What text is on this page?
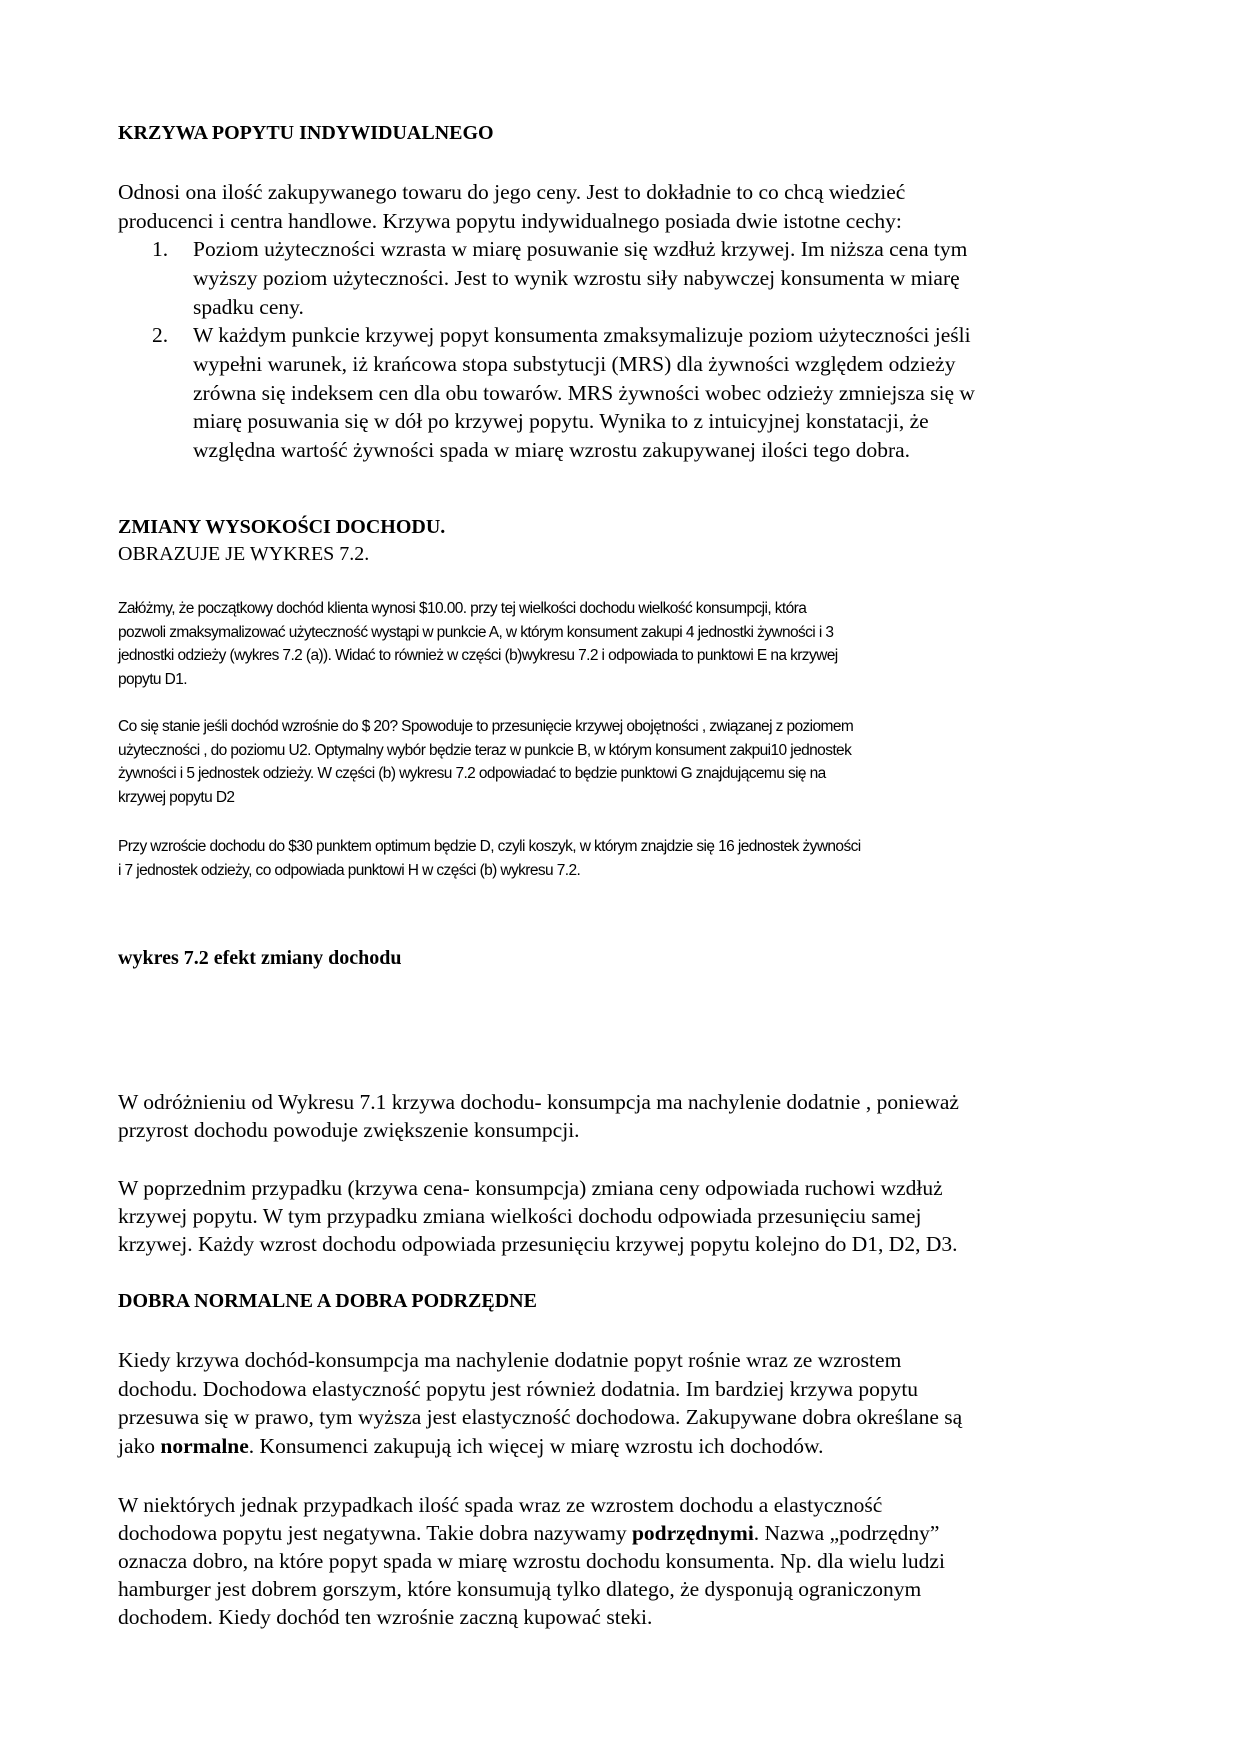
KRZYWA POPYTU INDYWIDUALNEGO
Odnosi ona ilość zakupywanego towaru do jego ceny. Jest to dokładnie to co chcą wiedzieć
producenci i centra handlowe. Krzywa popytu indywidualnego posiada dwie istotne cechy:
1. Poziom użyteczności wzrasta w miarę posuwanie się wzdłuż krzywej. Im niższa cena tym
wyższy poziom użyteczności. Jest to wynik wzrostu siły nabywczej konsumenta w miarę
spadku ceny.
2. W każdym punkcie krzywej popyt konsumenta zmaksymalizuje poziom użyteczności jeśli
wypełni warunek, iż krańcowa stopa substytucji (MRS) dla żywności względem odzieży
zrówna się indeksem cen dla obu towarów. MRS żywności wobec odzieży zmniejsza się w
miarę posuwania się w dół po krzywej popytu. Wynika to z intuicyjnej konstatacji, że
względna wartość żywności spada w miarę wzrostu zakupywanej ilości tego dobra.
ZMIANY WYSOKOŚCI DOCHODU.
OBRAZUJE JE WYKRES 7.2.
Załóżmy, że początkowy dochód klienta wynosi $10.00. przy tej wielkości dochodu wielkość konsumpcji, która
pozwoli zmaksymalizować użyteczność wystąpi w punkcie A, w którym konsument zakupi 4 jednostki żywności i 3
jednostki odzieży (wykres 7.2 (a)). Widać to również w części (b)wykresu 7.2 i odpowiada to punktowi E na krzywej
popytu D1.
Co się stanie jeśli dochód wzrośnie do $ 20? Spowoduje to przesunięcie krzywej obojętności , związanej z poziomem
użyteczności , do poziomu U2. Optymalny wybór będzie teraz w punkcie B, w którym konsument zakpui10 jednostek
żywności i 5 jednostek odzieży. W części (b) wykresu 7.2 odpowiadać to będzie punktowi G znajdującemu się na
krzywej popytu D2
Przy wzroście dochodu do $30 punktem optimum będzie D, czyli koszyk, w którym znajdzie się 16 jednostek żywności
i 7 jednostek odzieży, co odpowiada punktowi H w części (b) wykresu 7.2.
wykres 7.2 efekt zmiany dochodu
W odróżnieniu od Wykresu 7.1 krzywa dochodu- konsumpcja ma nachylenie dodatnie , ponieważ
przyrost dochodu powoduje zwiększenie konsumpcji.
W poprzednim przypadku (krzywa cena- konsumpcja) zmiana ceny odpowiada ruchowi wzdłuż
krzywej popytu. W tym przypadku zmiana wielkości dochodu odpowiada przesunięciu samej
krzywej. Każdy wzrost dochodu odpowiada przesunięciu krzywej popytu kolejno do D1, D2, D3.
DOBRA NORMALNE A DOBRA PODRZĘDNE
Kiedy krzywa dochód-konsumpcja ma nachylenie dodatnie popyt rośnie wraz ze wzrostem
dochodu. Dochodowa elastyczność popytu jest również dodatnia. Im bardziej krzywa popytu
przesuwa się w prawo, tym wyższa jest elastyczność dochodowa. Zakupywane dobra określane są
jako normalne. Konsumenci zakupują ich więcej w miarę wzrostu ich dochodów.
W niektórych jednak przypadkach ilość spada wraz ze wzrostem dochodu a elastyczność
dochodowa popytu jest negatywna. Takie dobra nazywamy podrzędnymi. Nazwa „podrzędny”
oznacza dobro, na które popyt spada w miarę wzrostu dochodu konsumenta. Np. dla wielu ludzi
hamburger jest dobrem gorszym, które konsumują tylko dlatego, że dysponują ograniczonym
dochodem. Kiedy dochód ten wzrośnie zaczną kupować steki.
